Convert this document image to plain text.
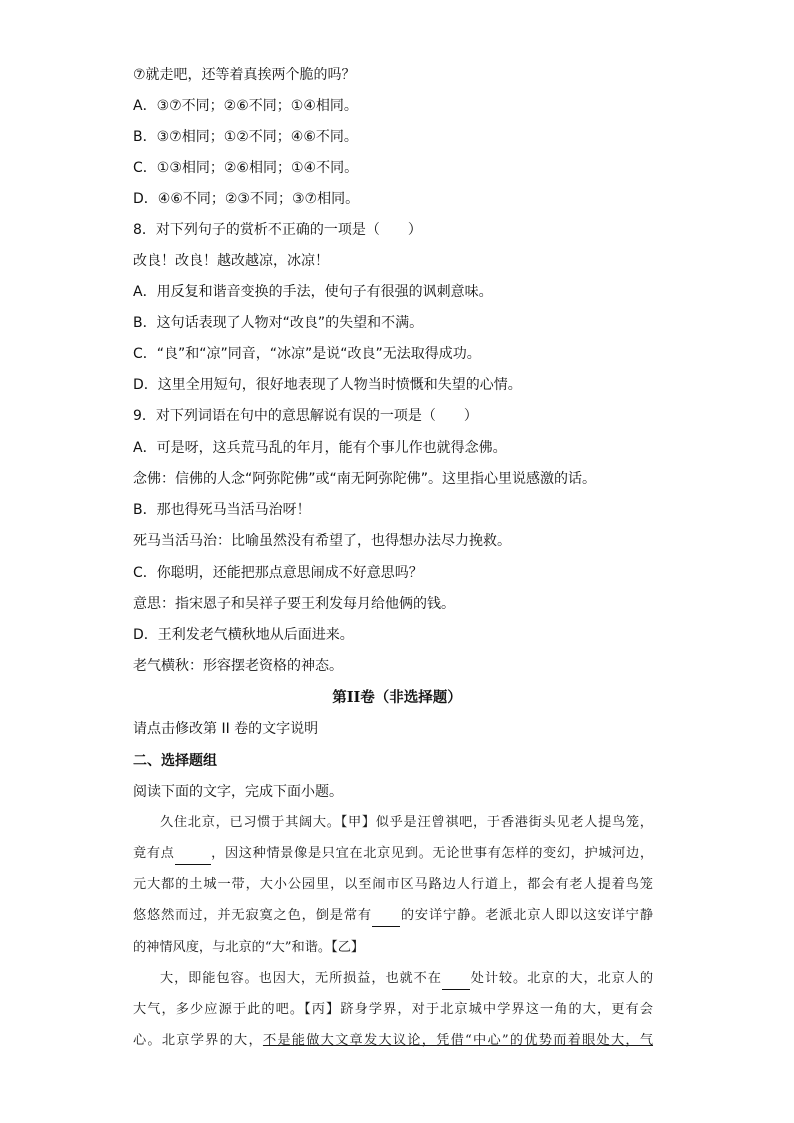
⑦就走吧，还等着真挨两个脆的吗？
A．③⑦不同；②⑥不同；①④相同。
B．③⑦相同；①②不同；④⑥不同。
C．①③相同；②⑥相同；①④不同。
D．④⑥不同；②③不同；③⑦相同。
8．对下列句子的赏析不正确的一项是（　　）
改良！改良！越改越凉，冰凉！
A．用反复和谐音变换的手法，使句子有很强的讽刺意味。
B．这句话表现了人物对“改良”的失望和不满。
C．“良”和“凉”同音，“冰凉”是说“改良”无法取得成功。
D．这里全用短句，很好地表现了人物当时愤慨和失望的心情。
9．对下列词语在句中的意思解说有误的一项是（　　）
A．可是呀，这兵荒马乱的年月，能有个事儿作也就得念佛。
念佛：信佛的人念“阿弥陀佛”或“南无阿弥陀佛”。这里指心里说感激的话。
B．那也得死马当活马治呀！
死马当活马治：比喻虽然没有希望了，也得想办法尽力挽救。
C．你聪明，还能把那点意思闹成不好意思吗？
意思：指宋恩子和吴祥子要王利发每月给他俩的钱。
D．王利发老气横秋地从后面进来。
老气横秋：形容摆老资格的神态。
第II卷（非选择题）
请点击修改第 II 卷的文字说明
二、选择题组
阅读下面的文字，完成下面小题。
久住北京，已习惯于其阔大。【甲】似乎是汪曾祺吧，于香港街头见老人提鸟笼，
竟有点	，因这种情景像是只宜在北京见到。无论世事有怎样的变幻，护城河边，
元大都的土城一带，大小公园里，以至闹市区马路边人行道上，都会有老人提着鸟笼
悠悠然而过，并无寂寞之色，倒是常有 的安详宁静。老派北京人即以这安详宁静
的神情风度，与北京的“大”和谐。【乙】
大，即能包容。也因大，无所损益，也就不在 处计较。北京的大，北京人的
大气，多少应源于此的吧。【丙】跻身学界，对于北京城中学界这一角的大，更有会
心。北京学界的大，不是能做大文章发大议论，凭借“中心”的优势而着眼处大，气
